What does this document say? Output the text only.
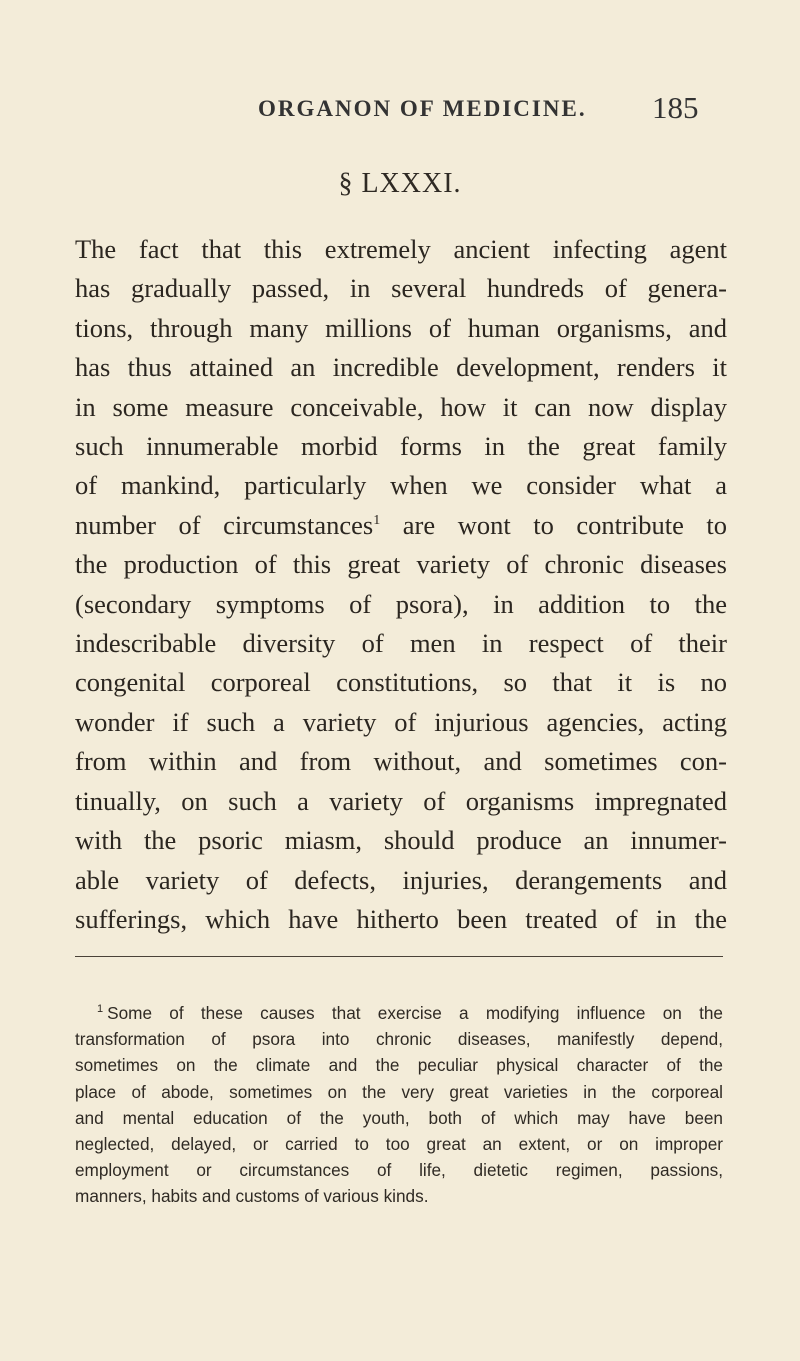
ORGANON OF MEDICINE. 185
§ LXXXI.
The fact that this extremely ancient infecting agent
has gradually passed, in several hundreds of genera-
tions, through many millions of human organisms, and
has thus attained an incredible development, renders it
in some measure conceivable, how it can now display
such innumerable morbid forms in the great family
of mankind, particularly when we consider what a
number of circumstances$^1$ are wont to contribute to
the production of this great variety of chronic diseases
(secondary symptoms of psora), in addition to the
indescribable diversity of men in respect of their
congenital corporeal constitutions, so that it is no
wonder if such a variety of injurious agencies, acting
from within and from without, and sometimes con-
tinually, on such a variety of organisms impregnated
with the psoric miasm, should produce an innumer-
able variety of defects, injuries, derangements and
sufferings, which have hitherto been treated of in the
$^1$ Some of these causes that exercise a modifying influence on the
transformation of psora into chronic diseases, manifestly depend,
sometimes on the climate and the peculiar physical character of the
place of abode, sometimes on the very great varieties in the corporeal
and mental education of the youth, both of which may have been
neglected, delayed, or carried to too great an extent, or on improper
employment or circumstances of life, dietetic regimen, passions,
manners, habits and customs of various kinds.
